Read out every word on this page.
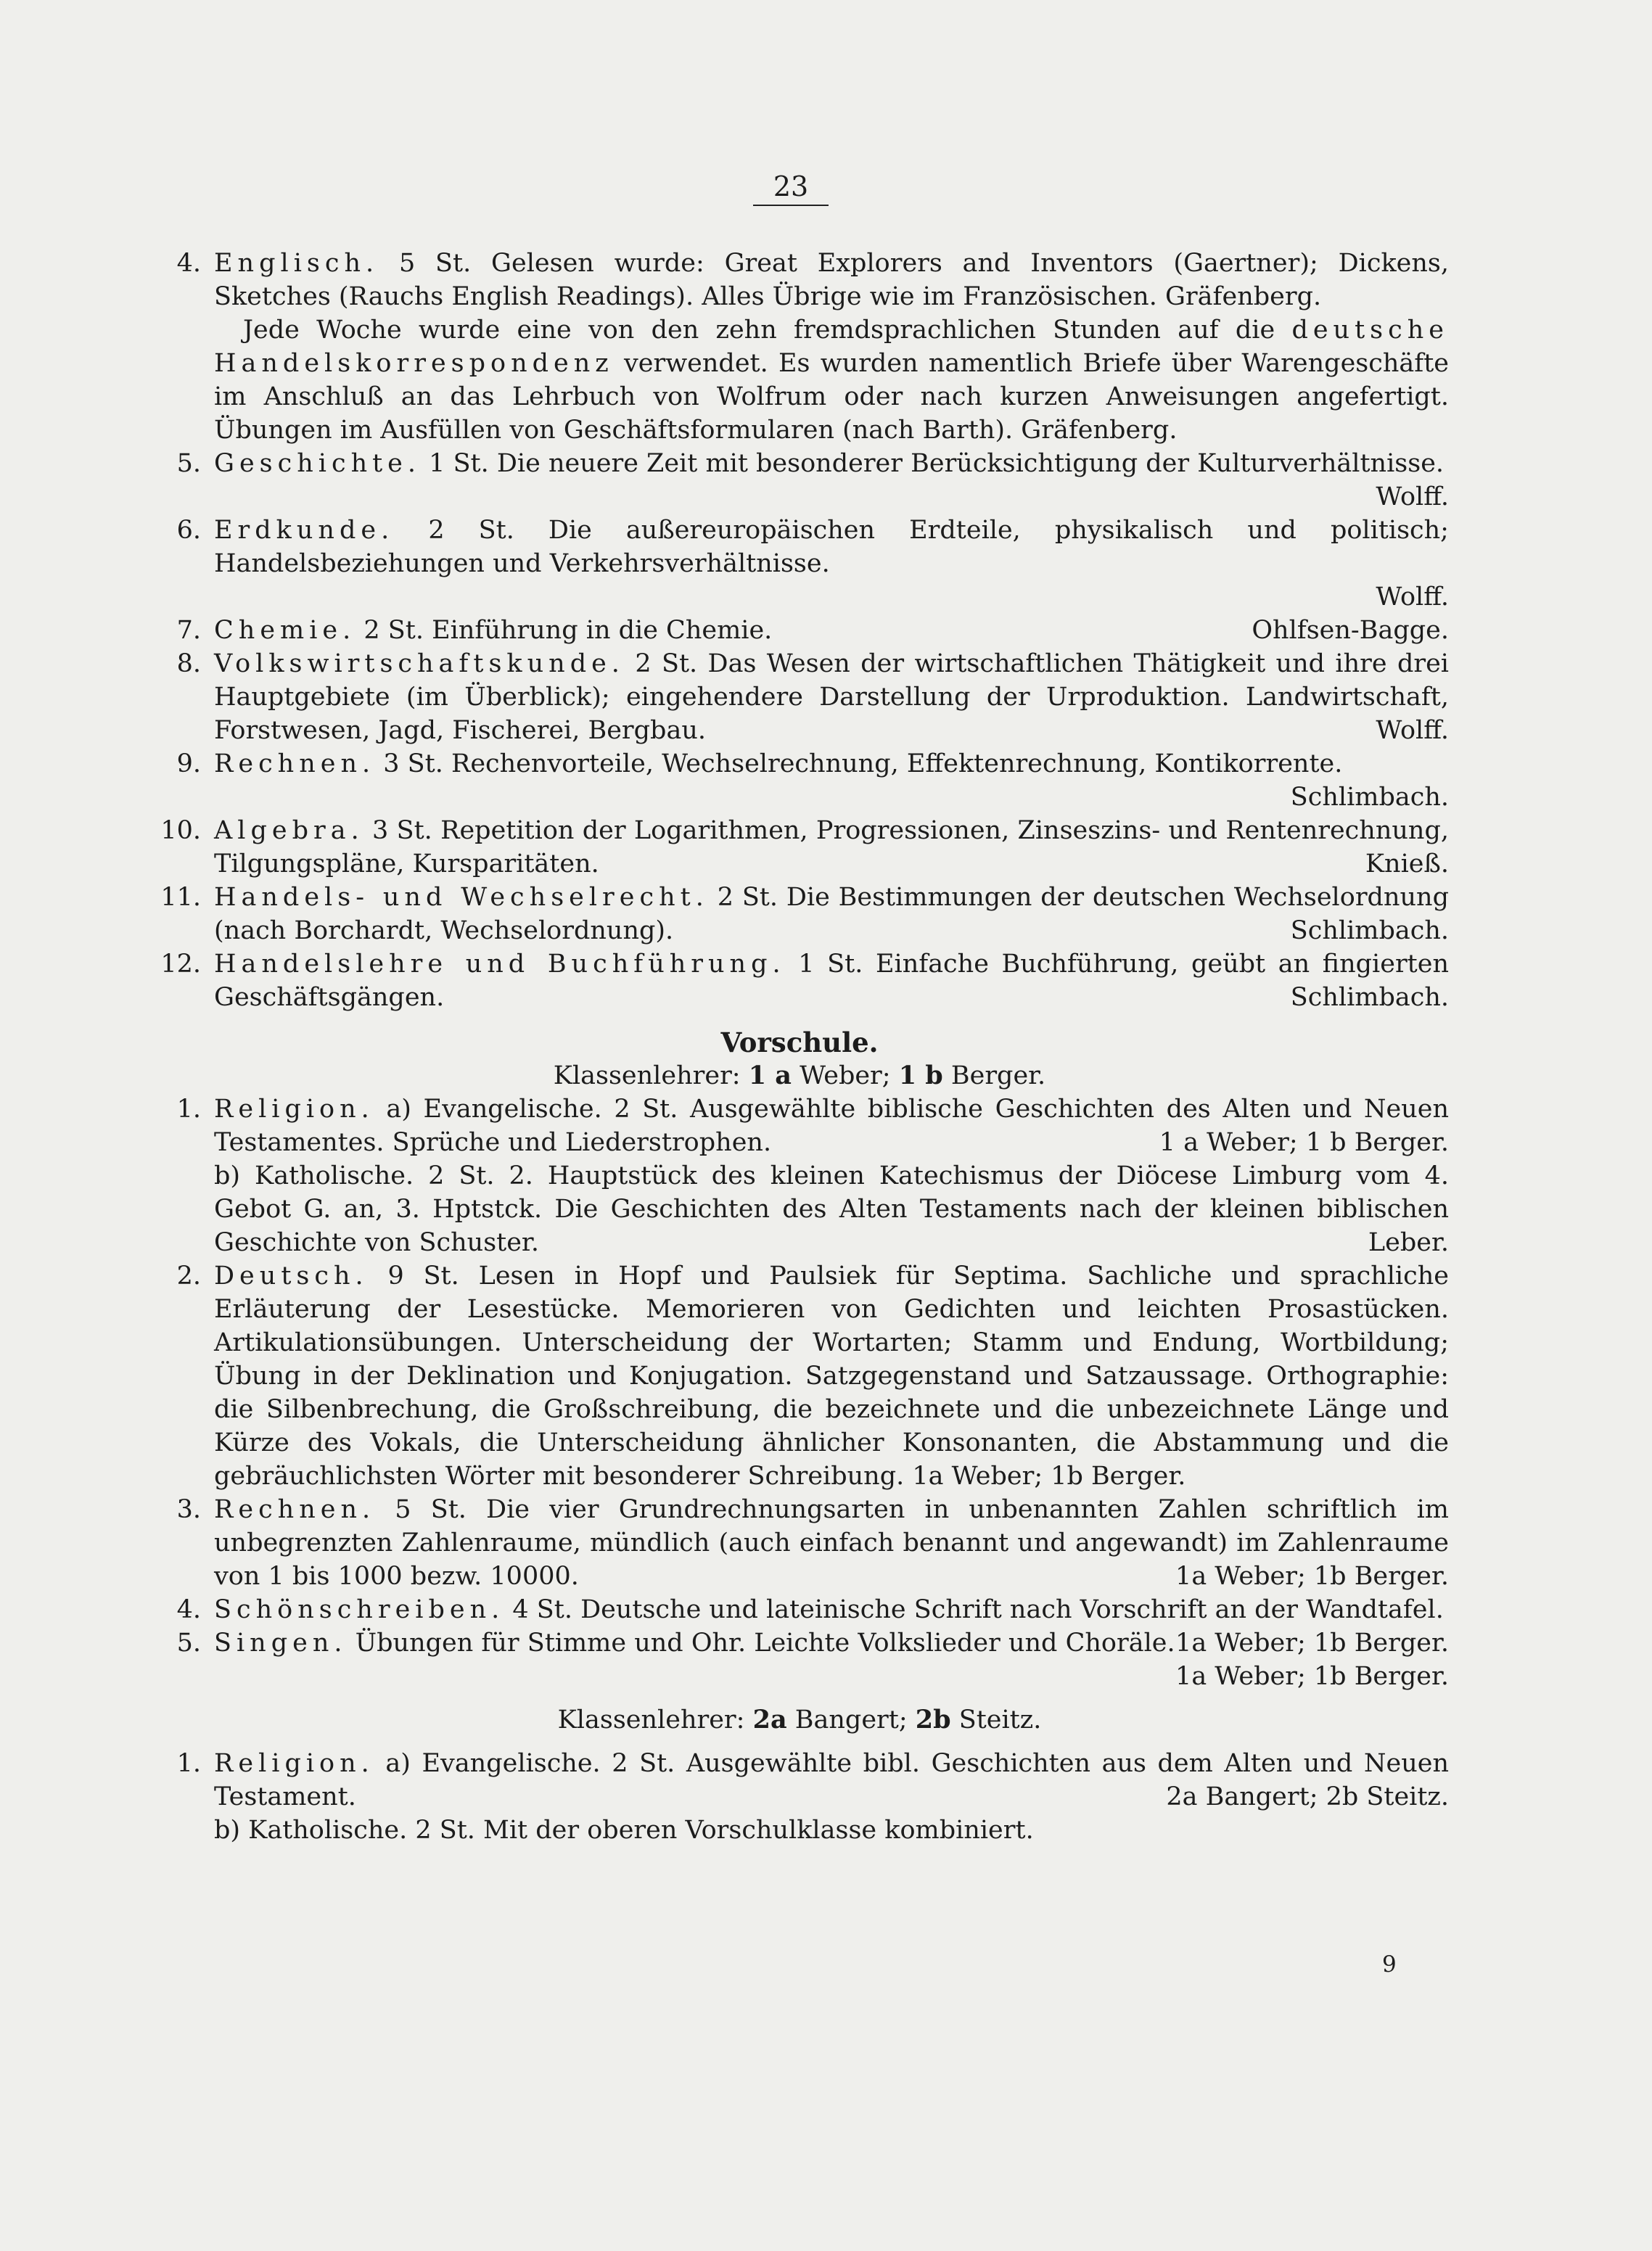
23
4. Englisch. 5 St. Gelesen wurde: Great Explorers and Inventors (Gaertner); Dickens, Sketches (Rauchs English Readings). Alles Übrige wie im Französischen. Gräfenberg.
Jede Woche wurde eine von den zehn fremdsprachlichen Stunden auf die deutsche Handelskorrespondenz verwendet. Es wurden namentlich Briefe über Warengeschäfte im Anschluß an das Lehrbuch von Wolfrum oder nach kurzen Anweisungen angefertigt. Übungen im Ausfüllen von Geschäftsformularen (nach Barth). Gräfenberg.
5. Geschichte. 1 St. Die neuere Zeit mit besonderer Berücksichtigung der Kulturverhältnisse.
Wolff.
6. Erdkunde. 2 St. Die außereuropäischen Erdteile, physikalisch und politisch; Handelsbeziehungen und Verkehrsverhältnisse.
Wolff.
7. Chemie. 2 St. Einführung in die Chemie.	Ohlfsen-Bagge.
8. Volkswirtschaftskunde. 2 St. Das Wesen der wirtschaftlichen Thätigkeit und ihre drei Hauptgebiete (im Überblick); eingehendere Darstellung der Urproduktion. Landwirtschaft, Forstwesen, Jagd, Fischerei, Bergbau.	Wolff.
9. Rechnen. 3 St. Rechenvorteile, Wechselrechnung, Effektenrechnung, Kontikorrente.
Schlimbach.
10. Algebra. 3 St. Repetition der Logarithmen, Progressionen, Zinseszins- und Rentenrechnung, Tilgungspläne, Kursparitäten.	Knieß.
11. Handels- und Wechselrecht. 2 St. Die Bestimmungen der deutschen Wechselordnung (nach Borchardt, Wechselordnung).	Schlimbach.
12. Handelslehre und Buchführung. 1 St. Einfache Buchführung, geübt an fingierten Geschäftsgängen.	Schlimbach.
Vorschule.
Klassenlehrer: 1 a Weber; 1 b Berger.
1. Religion. a) Evangelische. 2 St. Ausgewählte biblische Geschichten des Alten und Neuen Testamentes. Sprüche und Liederstrophen.	1 a Weber; 1 b Berger.
b) Katholische. 2 St. 2. Hauptstück des kleinen Katechismus der Diöcese Limburg vom 4. Gebot G. an, 3. Hptstck. Die Geschichten des Alten Testaments nach der kleinen biblischen Geschichte von Schuster.	Leber.
2. Deutsch. 9 St. Lesen in Hopf und Paulsiek für Septima. Sachliche und sprachliche Erläuterung der Lesestücke. Memorieren von Gedichten und leichten Prosastücken. Artikulationsübungen. Unterscheidung der Wortarten; Stamm und Endung, Wortbildung; Übung in der Deklination und Konjugation. Satzgegenstand und Satzaussage. Orthographie: die Silbenbrechung, die Großschreibung, die bezeichnete und die unbezeichnete Länge und Kürze des Vokals, die Unterscheidung ähnlicher Konsonanten, die Abstammung und die gebräuchlichsten Wörter mit besonderer Schreibung. 1a Weber; 1b Berger.
3. Rechnen. 5 St. Die vier Grundrechnungsarten in unbenannten Zahlen schriftlich im unbegrenzten Zahlenraume, mündlich (auch einfach benannt und angewandt) im Zahlenraume von 1 bis 1000 bezw. 10000.	1a Weber; 1b Berger.
4. Schönschreiben. 4 St. Deutsche und lateinische Schrift nach Vorschrift an der Wandtafel.
1a Weber; 1b Berger.
5. Singen. Übungen für Stimme und Ohr. Leichte Volkslieder und Choräle.
1a Weber; 1b Berger.
Klassenlehrer: 2a Bangert; 2b Steitz.
1. Religion. a) Evangelische. 2 St. Ausgewählte bibl. Geschichten aus dem Alten und Neuen Testament.	2a Bangert; 2b Steitz.
b) Katholische. 2 St. Mit der oberen Vorschulklasse kombiniert.
9
